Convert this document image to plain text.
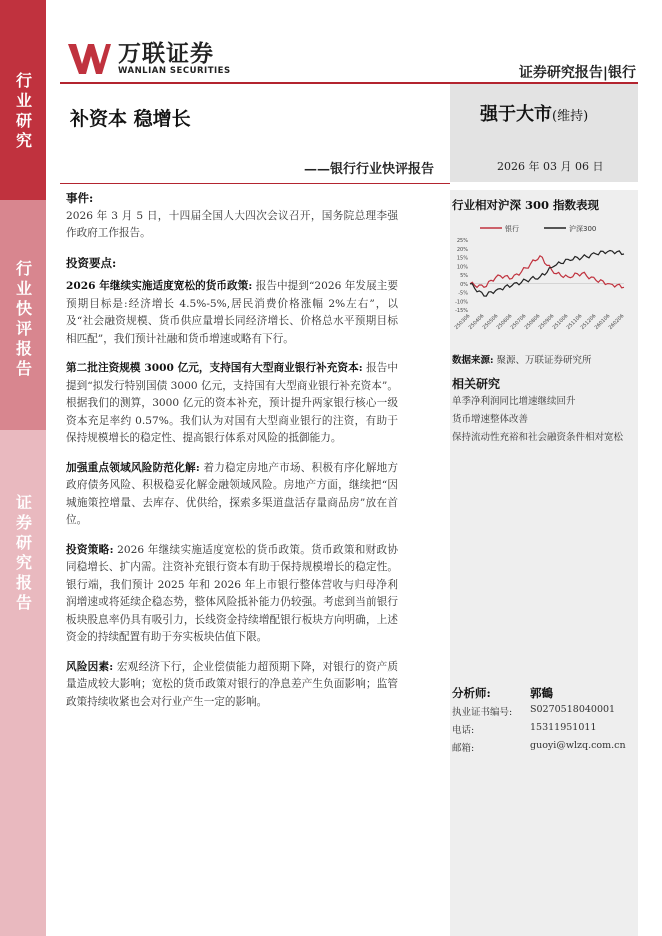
行业研究
行业快评报告
证券研究报告
万联证券
WANLIAN SECURITIES	证券研究报告|银行
补资本 稳增长
——银行行业快评报告
强于大市(维持)
2026 年 03 月 06 日
事件:

2026 年 3 月 5 日，十四届全国人大四次会议召开，国务院总理李强作政府工作报告。

投资要点:

2026 年继续实施适度宽松的货币政策: 报告中提到“2026 年发展主要预期目标是:经济增长 4.5%-5%,居民消费价格涨幅 2%左右”，以及“社会融资规模、货币供应量增长同经济增长、价格总水平预期目标相匹配”，我们预计社融和货币增速或略有下行。

第二批注资规模 3000 亿元，支持国有大型商业银行补充资本: 报告中提到“拟发行特别国债 3000 亿元，支持国有大型商业银行补充资本”。根据我们的测算，3000 亿元的资本补充，预计提升两家银行核心一级资本充足率约 0.57%。我们认为对国有大型商业银行的注资，有助于保持规模增长的稳定性、提高银行体系对风险的抵御能力。

加强重点领域风险防范化解: 着力稳定房地产市场、积极有序化解地方政府债务风险、积极稳妥化解金融领域风险。房地产方面，继续把“因城施策控增量、去库存、优供给，探索多渠道盘活存量商品房”放在首位。

投资策略: 2026 年继续实施适度宽松的货币政策。货币政策和财政协同稳增长、扩内需。注资补充银行资本有助于保持规模增长的稳定性。银行端，我们预计 2025 年和 2026 年上市银行整体营收与归母净利润增速或将延续企稳态势，整体风险抵补能力仍较强。考虑到当前银行板块股息率仍具有吸引力，长线资金持续增配银行板块方向明确，上述资金的持续配置有助于夯实板块估值下限。

风险因素: 宏观经济下行，企业偿债能力超预期下降，对银行的资产质量造成较大影响；宽松的货币政策对银行的净息差产生负面影响；监管政策持续收紧也会对行业产生一定的影响。

行业相对沪深 300 指数表现
银行	沪深300
25%
20%
15%
10%
5%
0%
-5%
-10%
-15%
250306
250406
250506
250606
250706
250806
250906
251006
251106
251206
260106
260206
数据来源: 聚源、万联证券研究所
相关研究
单季净利润同比增速继续回升
货币增速整体改善
保持流动性充裕和社会融资条件相对宽松
分析师:	郭鶴
执业证书编号: S0270518040001
电话:	15311951011
邮箱:	guoyi@wlzq.com.cn
